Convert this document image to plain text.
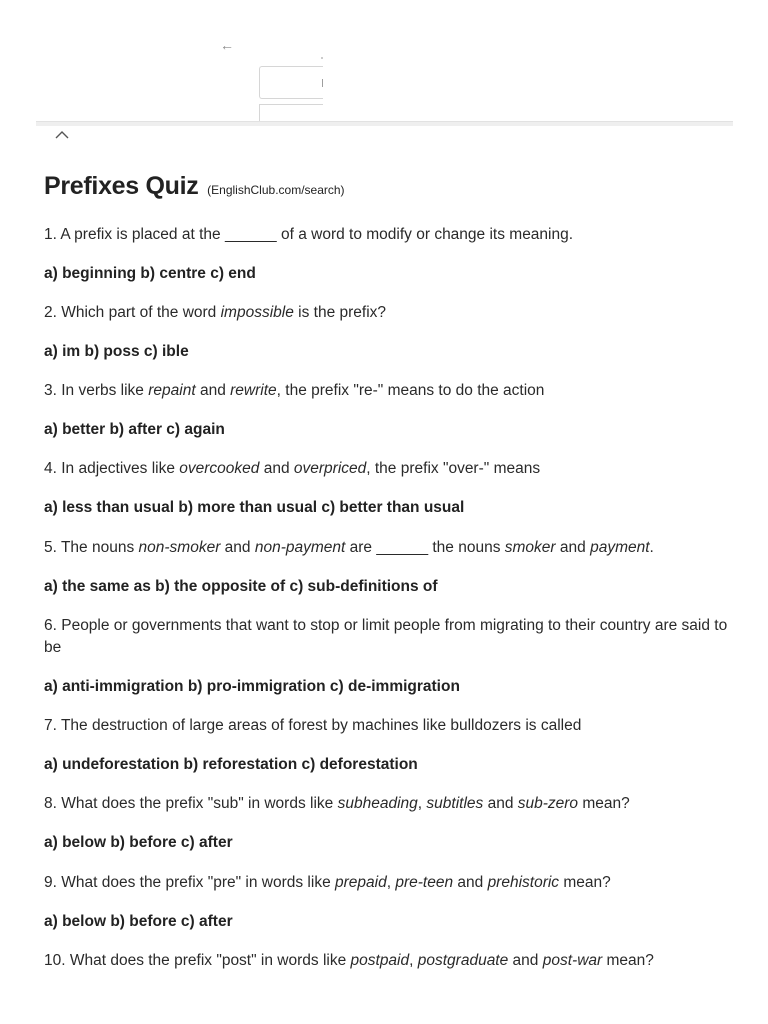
←
Prefixes Quiz (EnglishClub.com/search)

1. A prefix is placed at the ______ of a word to modify or change its meaning.

a) beginning b) centre c) end

2. Which part of the word impossible is the prefix?

a) im b) poss c) ible

3. In verbs like repaint and rewrite, the prefix "re-" means to do the action

a) better b) after c) again

4. In adjectives like overcooked and overpriced, the prefix "over-" means

a) less than usual b) more than usual c) better than usual

5. The nouns non-smoker and non-payment are ______ the nouns smoker and payment.

a) the same as b) the opposite of c) sub-definitions of

6. People or governments that want to stop or limit people from migrating to their country are said to be

a) anti-immigration b) pro-immigration c) de-immigration

7. The destruction of large areas of forest by machines like bulldozers is called

a) undeforestation b) reforestation c) deforestation

8. What does the prefix "sub" in words like subheading, subtitles and sub-zero mean?

a) below b) before c) after

9. What does the prefix "pre" in words like prepaid, pre-teen and prehistoric mean?

a) below b) before c) after

10. What does the prefix "post" in words like postpaid, postgraduate and post-war mean?
